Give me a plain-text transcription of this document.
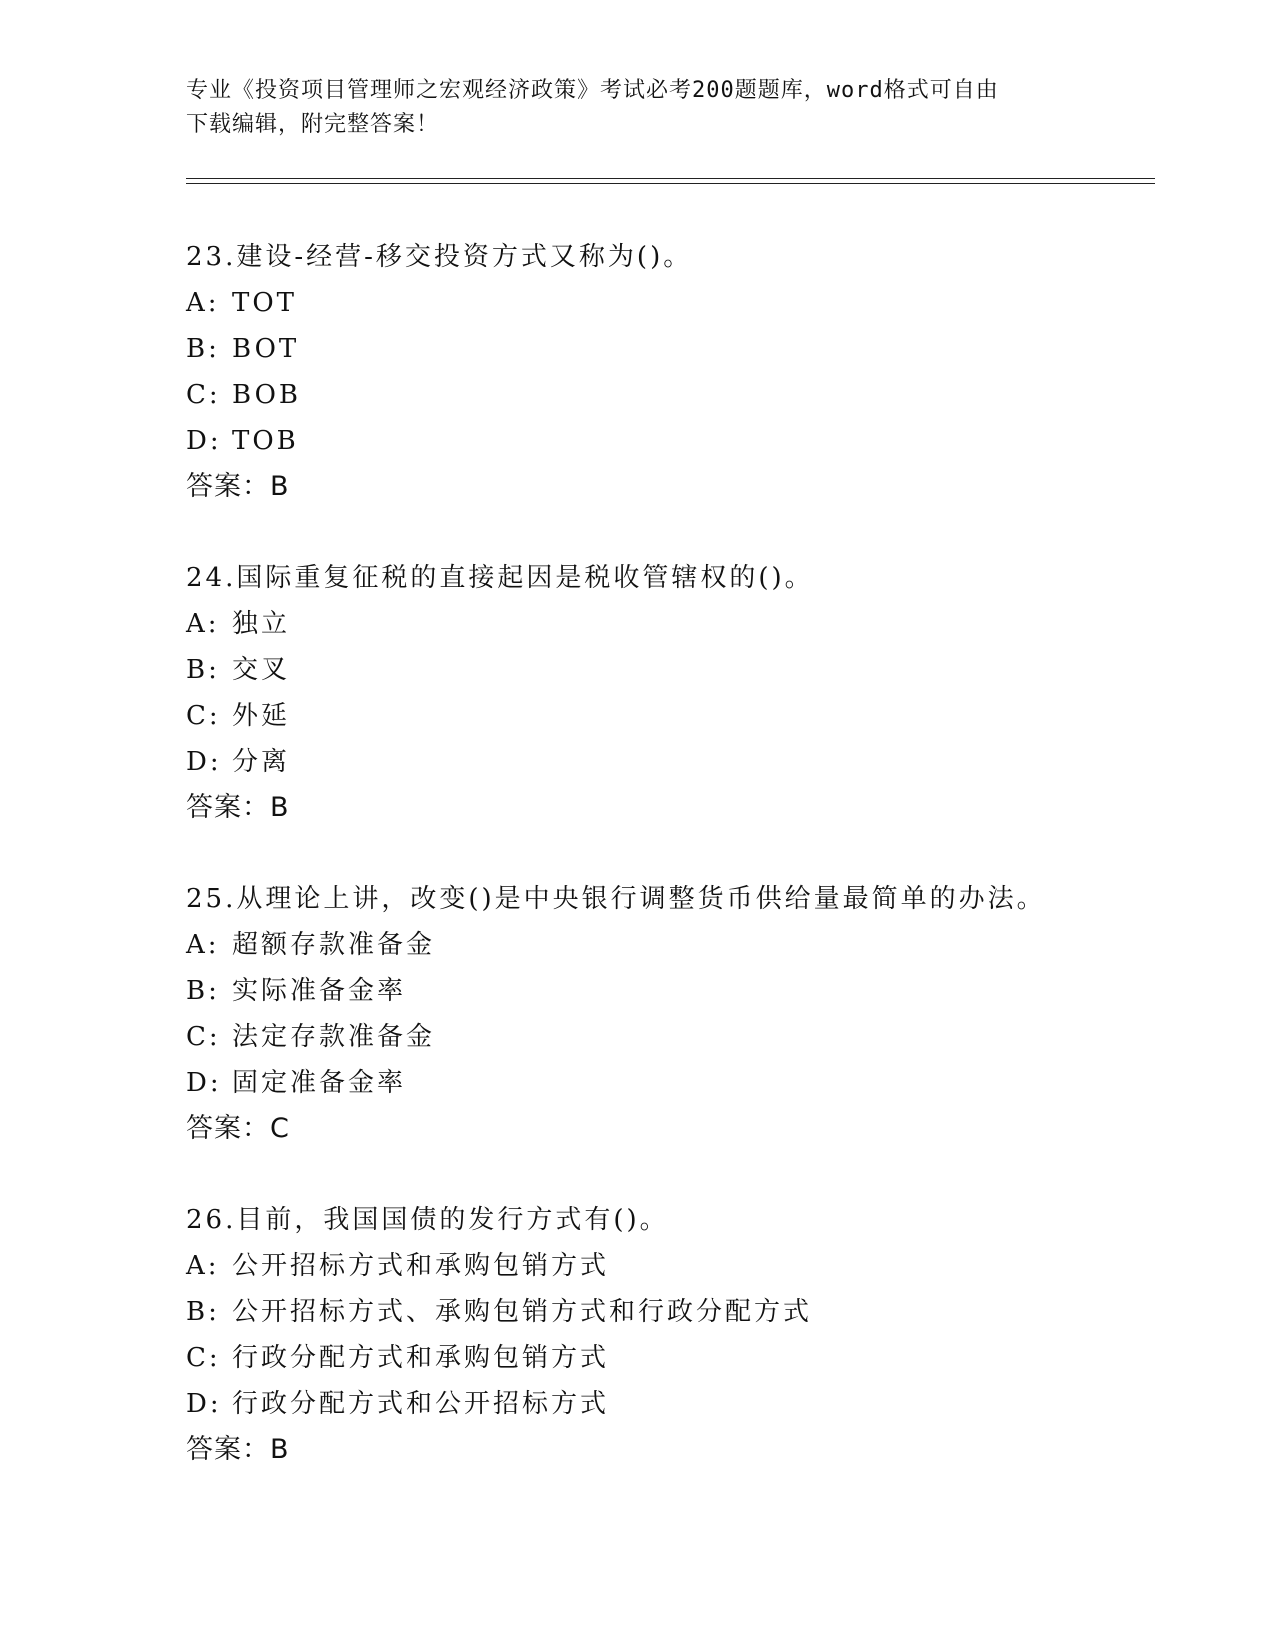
专业《投资项目管理师之宏观经济政策》考试必考200题题库，word格式可自由
下载编辑，附完整答案！
23.建设-经营-移交投资方式又称为()。
A: TOT
B: BOT
C: BOB
D: TOB
答案：B
24.国际重复征税的直接起因是税收管辖权的()。
A: 独立
B: 交叉
C: 外延
D: 分离
答案：B
25.从理论上讲，改变()是中央银行调整货币供给量最简单的办法。
A: 超额存款准备金
B: 实际准备金率
C: 法定存款准备金
D: 固定准备金率
答案：C
26.目前，我国国债的发行方式有()。
A: 公开招标方式和承购包销方式
B: 公开招标方式、承购包销方式和行政分配方式
C: 行政分配方式和承购包销方式
D: 行政分配方式和公开招标方式
答案：B
